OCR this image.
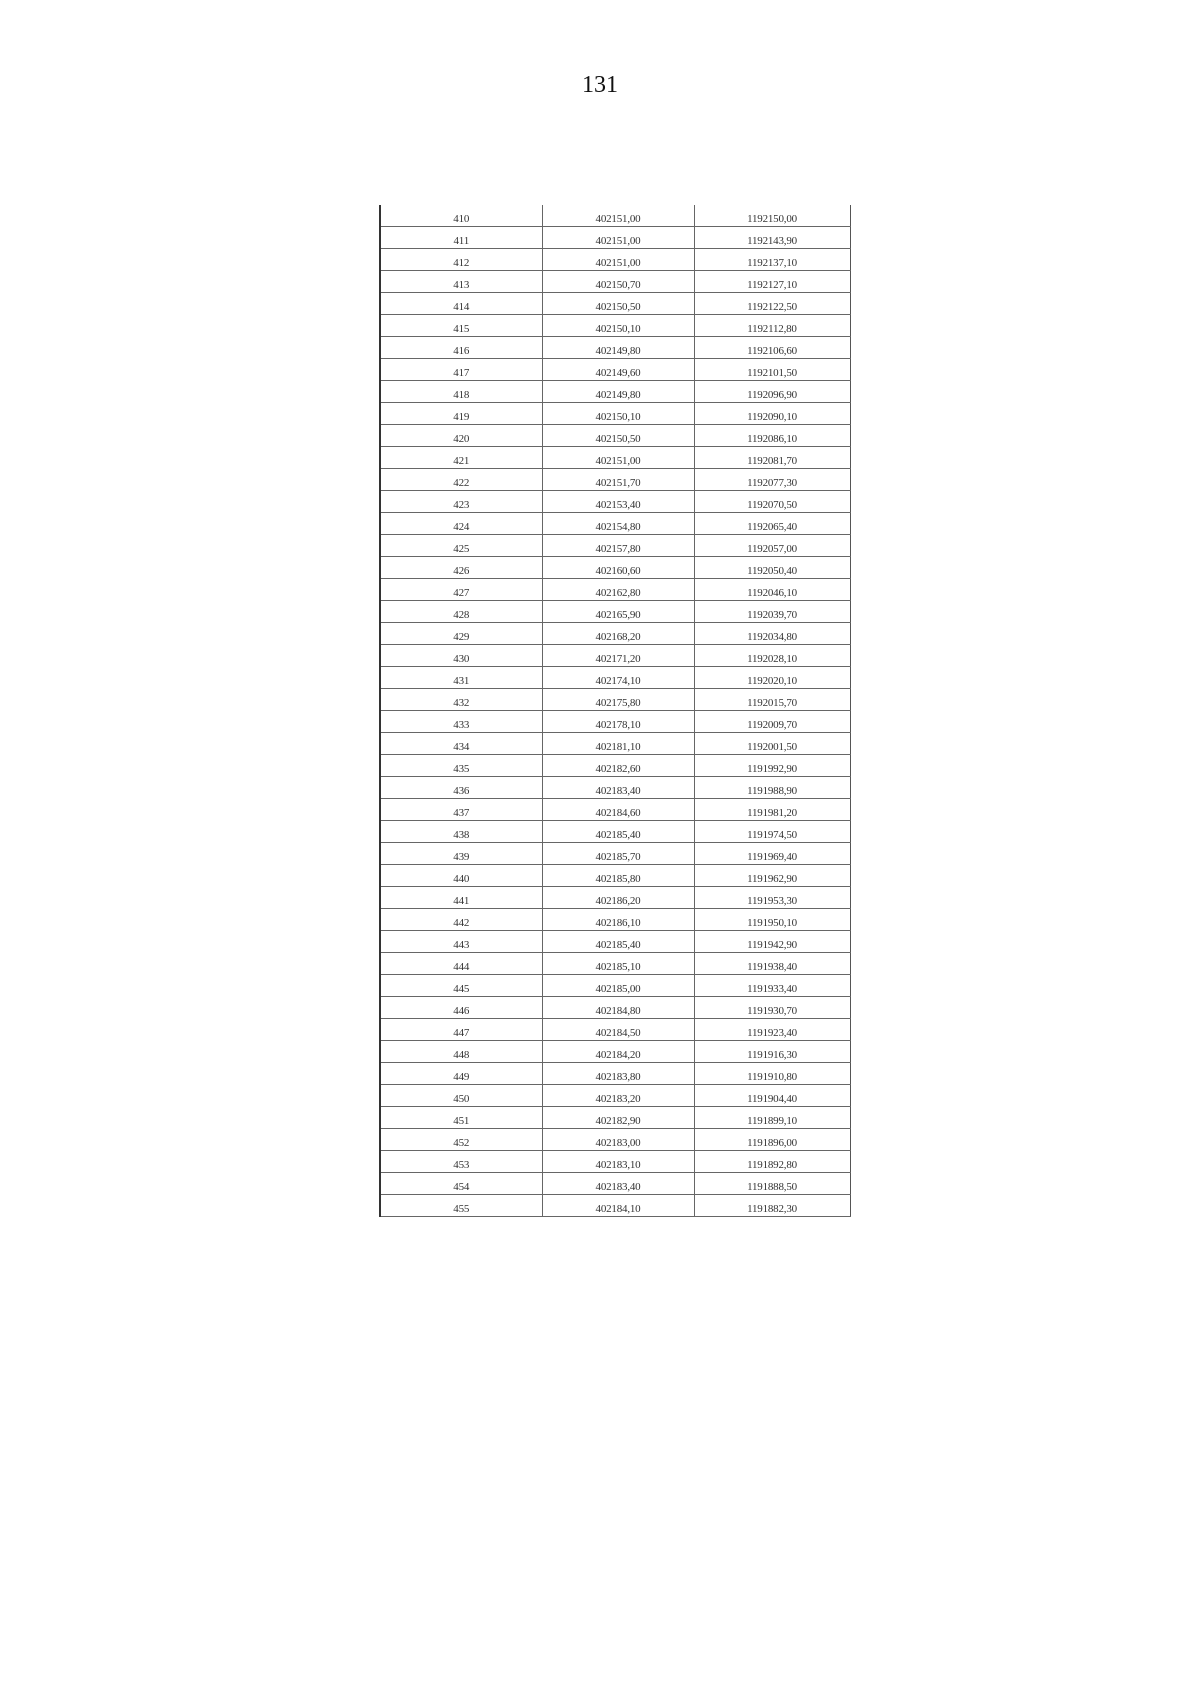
131
410	402151,00	1192150,00
411	402151,00	1192143,90
412	402151,00	1192137,10
413	402150,70	1192127,10
414	402150,50	1192122,50
415	402150,10	1192112,80
416	402149,80	1192106,60
417	402149,60	1192101,50
418	402149,80	1192096,90
419	402150,10	1192090,10
420	402150,50	1192086,10
421	402151,00	1192081,70
422	402151,70	1192077,30
423	402153,40	1192070,50
424	402154,80	1192065,40
425	402157,80	1192057,00
426	402160,60	1192050,40
427	402162,80	1192046,10
428	402165,90	1192039,70
429	402168,20	1192034,80
430	402171,20	1192028,10
431	402174,10	1192020,10
432	402175,80	1192015,70
433	402178,10	1192009,70
434	402181,10	1192001,50
435	402182,60	1191992,90
436	402183,40	1191988,90
437	402184,60	1191981,20
438	402185,40	1191974,50
439	402185,70	1191969,40
440	402185,80	1191962,90
441	402186,20	1191953,30
442	402186,10	1191950,10
443	402185,40	1191942,90
444	402185,10	1191938,40
445	402185,00	1191933,40
446	402184,80	1191930,70
447	402184,50	1191923,40
448	402184,20	1191916,30
449	402183,80	1191910,80
450	402183,20	1191904,40
451	402182,90	1191899,10
452	402183,00	1191896,00
453	402183,10	1191892,80
454	402183,40	1191888,50
455	402184,10	1191882,30
